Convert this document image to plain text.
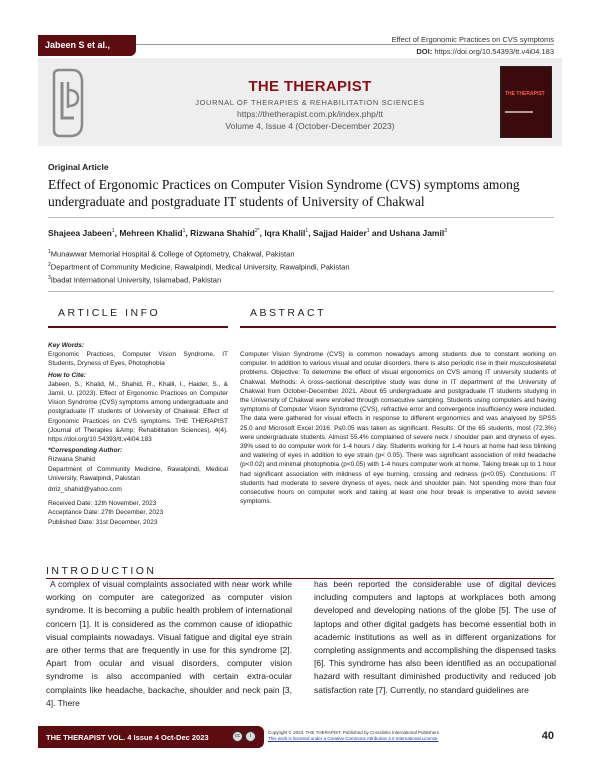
Jabeen S et al.,
Effect of Ergonomic Practices on CVS symptoms
DOI: https://doi.org/10.54393/tt.v4i04.183
THE THERAPIST
JOURNAL OF THERAPIES & REHABILITATION SCIENCES
https://thetherapist.com.pk/index.php/tt
Volume 4, Issue 4 (October-December 2023)
THE THERAPIST
Original Article
Effect of Ergonomic Practices on Computer Vision Syndrome (CVS) symptoms among undergraduate and postgraduate IT students of University of Chakwal
Shajeea Jabeen$^1$, Mehreen Khalid$^1$, Rizwana Shahid$^{2*}$, Iqra Khalil$^1$, Sajjad Haider$^1$ and Ushana Jamil$^3$
$^1$Munawwar Memorial Hospital & College of Optometry, Chakwal, Pakistan
$^2$Department of Community Medicine, Rawalpindi, Medical University, Rawalpindi, Pakistan
$^3$Ibadat International University, Islamabad, Pakistan
ARTICLE INFO	ABSTRACT
Key Words:
Ergonomic Practices, Computer Vision Syndrome, IT Students, Dryness of Eyes, Photophobia
How to Cite:
Jabeen, S., Khalid, M., Shahid, R., Khalil, I., Haider, S., & Jamil, U. (2023). Effect of Ergonomic Practices on Computer Vision Syndrome (CVS) symptoms among undergraduate and postgraduate IT students of University of Chakwal: Effect of Ergonomic Practices on CVS symptoms. THE THERAPIST (Journal of Therapies &Amp; Rehabilitation Sciences), 4(4). https://doi.org/10.54393/tt.v4i04.183
*Corresponding Author:
Rizwana Shahid
Department of Community Medicine, Rawalpindi, Medical University, Rawalpindi, Pakistan
drriz_shahid@yahoo.com
Received Date: 12th November, 2023
Acceptance Date: 27th December, 2023
Published Date: 31st December, 2023
Computer Vision Syndrome (CVS) is common nowadays among students due to constant working on computer. In addition to various visual and ocular disorders, there is also periodic rise in their musculoskeletal problems. Objective: To determine the effect of visual ergonomics on CVS among IT university students of Chakwal. Methods: A cross-sectional descriptive study was done in IT department of the University of Chakwal from October-December 2021. About 65 undergraduate and postgraduate IT students studying in the University of Chakwal were enrolled through consecutive sampling. Students using computers and having symptoms of Computer Vision Syndrome (CVS), refractive error and convergence insufficiency were included. The data were gathered for visual effects in response to different ergonomics and was analysed by SPSS 25.0 and Microsoft Excel 2016. P≤0.05 was taken as significant. Results: Of the 65 students, most (72.3%) were undergraduate students. Almost 55.4% complained of severe neck / shoulder pain and dryness of eyes. 39% used to do computer work for 1-4 hours / day. Students working for 1-4 hours at home had less blinking and watering of eyes in addition to eye strain (p< 0.05). There was significant association of mild headache (p<0.02) and minimal photophobia (p<0.05) with 1-4 hours computer work at home. Taking break up to 1 hour had significant association with mildness of eye burning, crossing and redness (p<0.05). Conclusions: IT students had moderate to severe dryness of eyes, neck and shoulder pain. Not spending more than four consecutive hours on computer work and taking at least one hour break is imperative to avoid severe symptoms.
INTRODUCTION
A complex of visual complaints associated with near work while working on computer are categorized as computer vision syndrome. It is becoming a public health problem of international concern [1]. It is considered as the common cause of idiopathic visual complaints nowadays. Visual fatigue and digital eye strain are other terms that are frequently in use for this syndrome [2]. Apart from ocular and visual disorders, computer vision syndrome is also accompanied with certain extra-ocular complaints like headache, backache, shoulder and neck pain [3, 4]. There
has been reported the considerable use of digital devices including computers and laptops at workplaces both among developed and developing nations of the globe [5]. The use of laptops and other digital gadgets has become essential both in academic institutions as well as in different organizations for completing assignments and accomplishing the dispensed tasks [6]. This syndrome has also been identified as an occupational hazard with resultant diminished productivity and reduced job satisfaction rate [7]. Currently, no standard guidelines are
THE THERAPIST VOL. 4 Issue 4 Oct-Dec 2023	cc	i
Copyright © 2023. THE THERAPIST, Published by Crosslinks International Publishers
This work is licensed under a Creative Commons Attribution 4.0 International License.	40
